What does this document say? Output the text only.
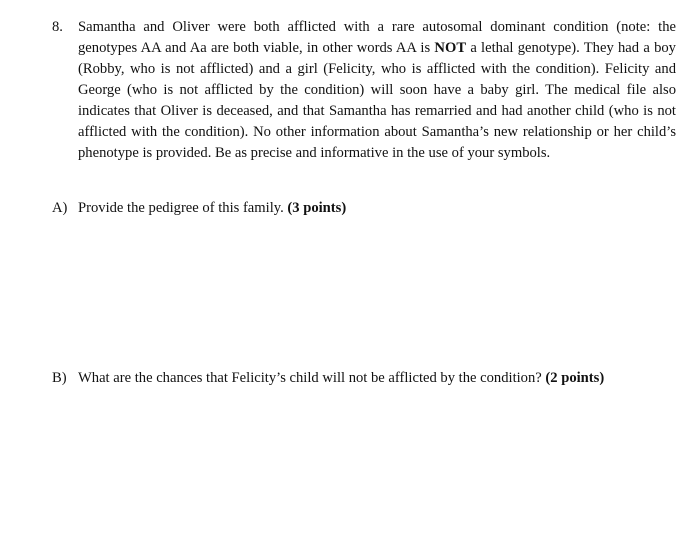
8. Samantha and Oliver were both afflicted with a rare autosomal dominant condition (note: the genotypes AA and Aa are both viable, in other words AA is NOT a lethal genotype). They had a boy (Robby, who is not afflicted) and a girl (Felicity, who is afflicted with the condition). Felicity and George (who is not afflicted by the condition) will soon have a baby girl. The medical file also indicates that Oliver is deceased, and that Samantha has remarried and had another child (who is not afflicted with the condition). No other information about Samantha’s new relationship or her child’s phenotype is provided. Be as precise and informative in the use of your symbols.

A) Provide the pedigree of this family. (3 points)
B) What are the chances that Felicity’s child will not be afflicted by the condition? (2 points)
